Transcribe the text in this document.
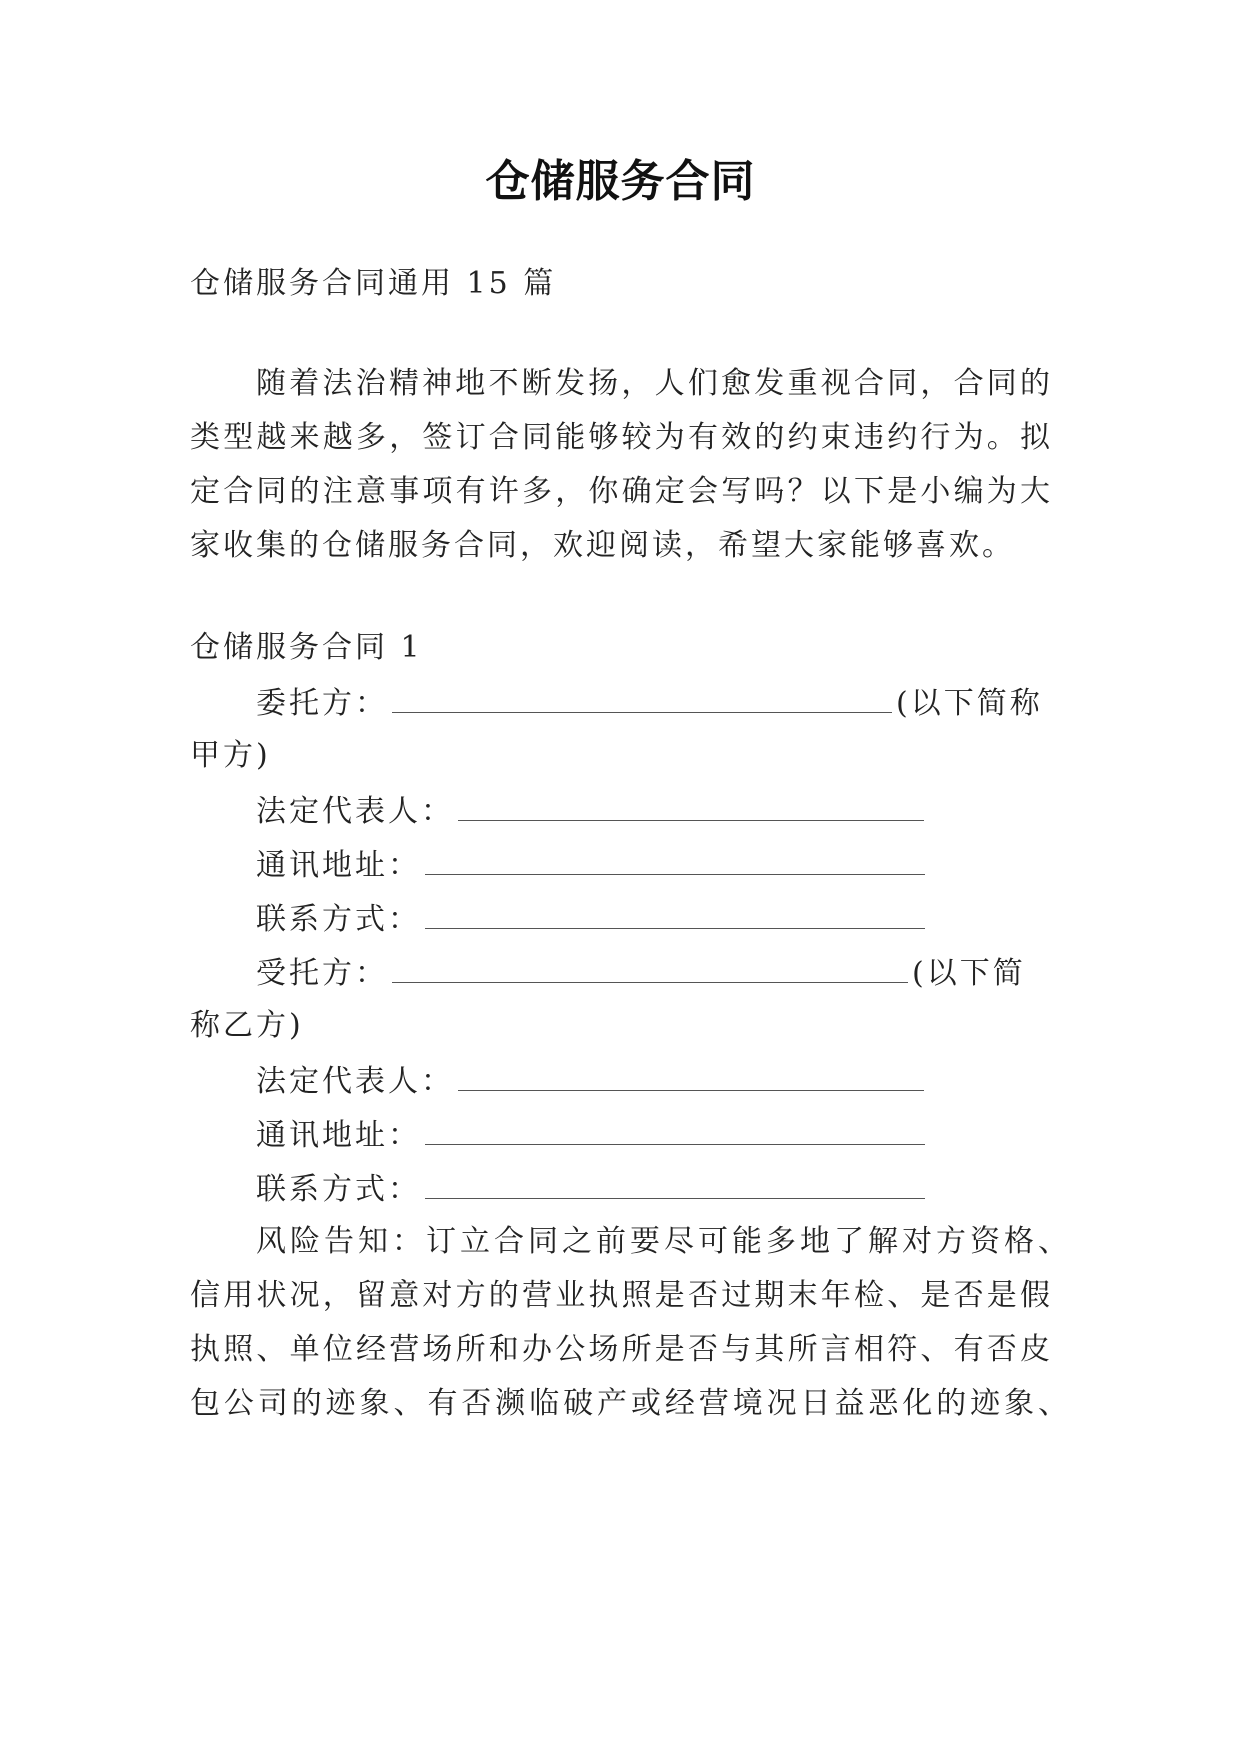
仓储服务合同
仓储服务合同通用 15 篇
随着法治精神地不断发扬，人们愈发重视合同，合同的
类型越来越多，签订合同能够较为有效的约束违约行为。拟
定合同的注意事项有许多，你确定会写吗？以下是小编为大
家收集的仓储服务合同，欢迎阅读，希望大家能够喜欢。
仓储服务合同 1
委托方：	(以下简称
甲方)
法定代表人：
通讯地址：
联系方式：
受托方：	(以下简
称乙方)
法定代表人：
通讯地址：
联系方式：
风险告知：订立合同之前要尽可能多地了解对方资格、
信用状况，留意对方的营业执照是否过期末年检、是否是假
执照、单位经营场所和办公场所是否与其所言相符、有否皮
包公司的迹象、有否濒临破产或经营境况日益恶化的迹象、
